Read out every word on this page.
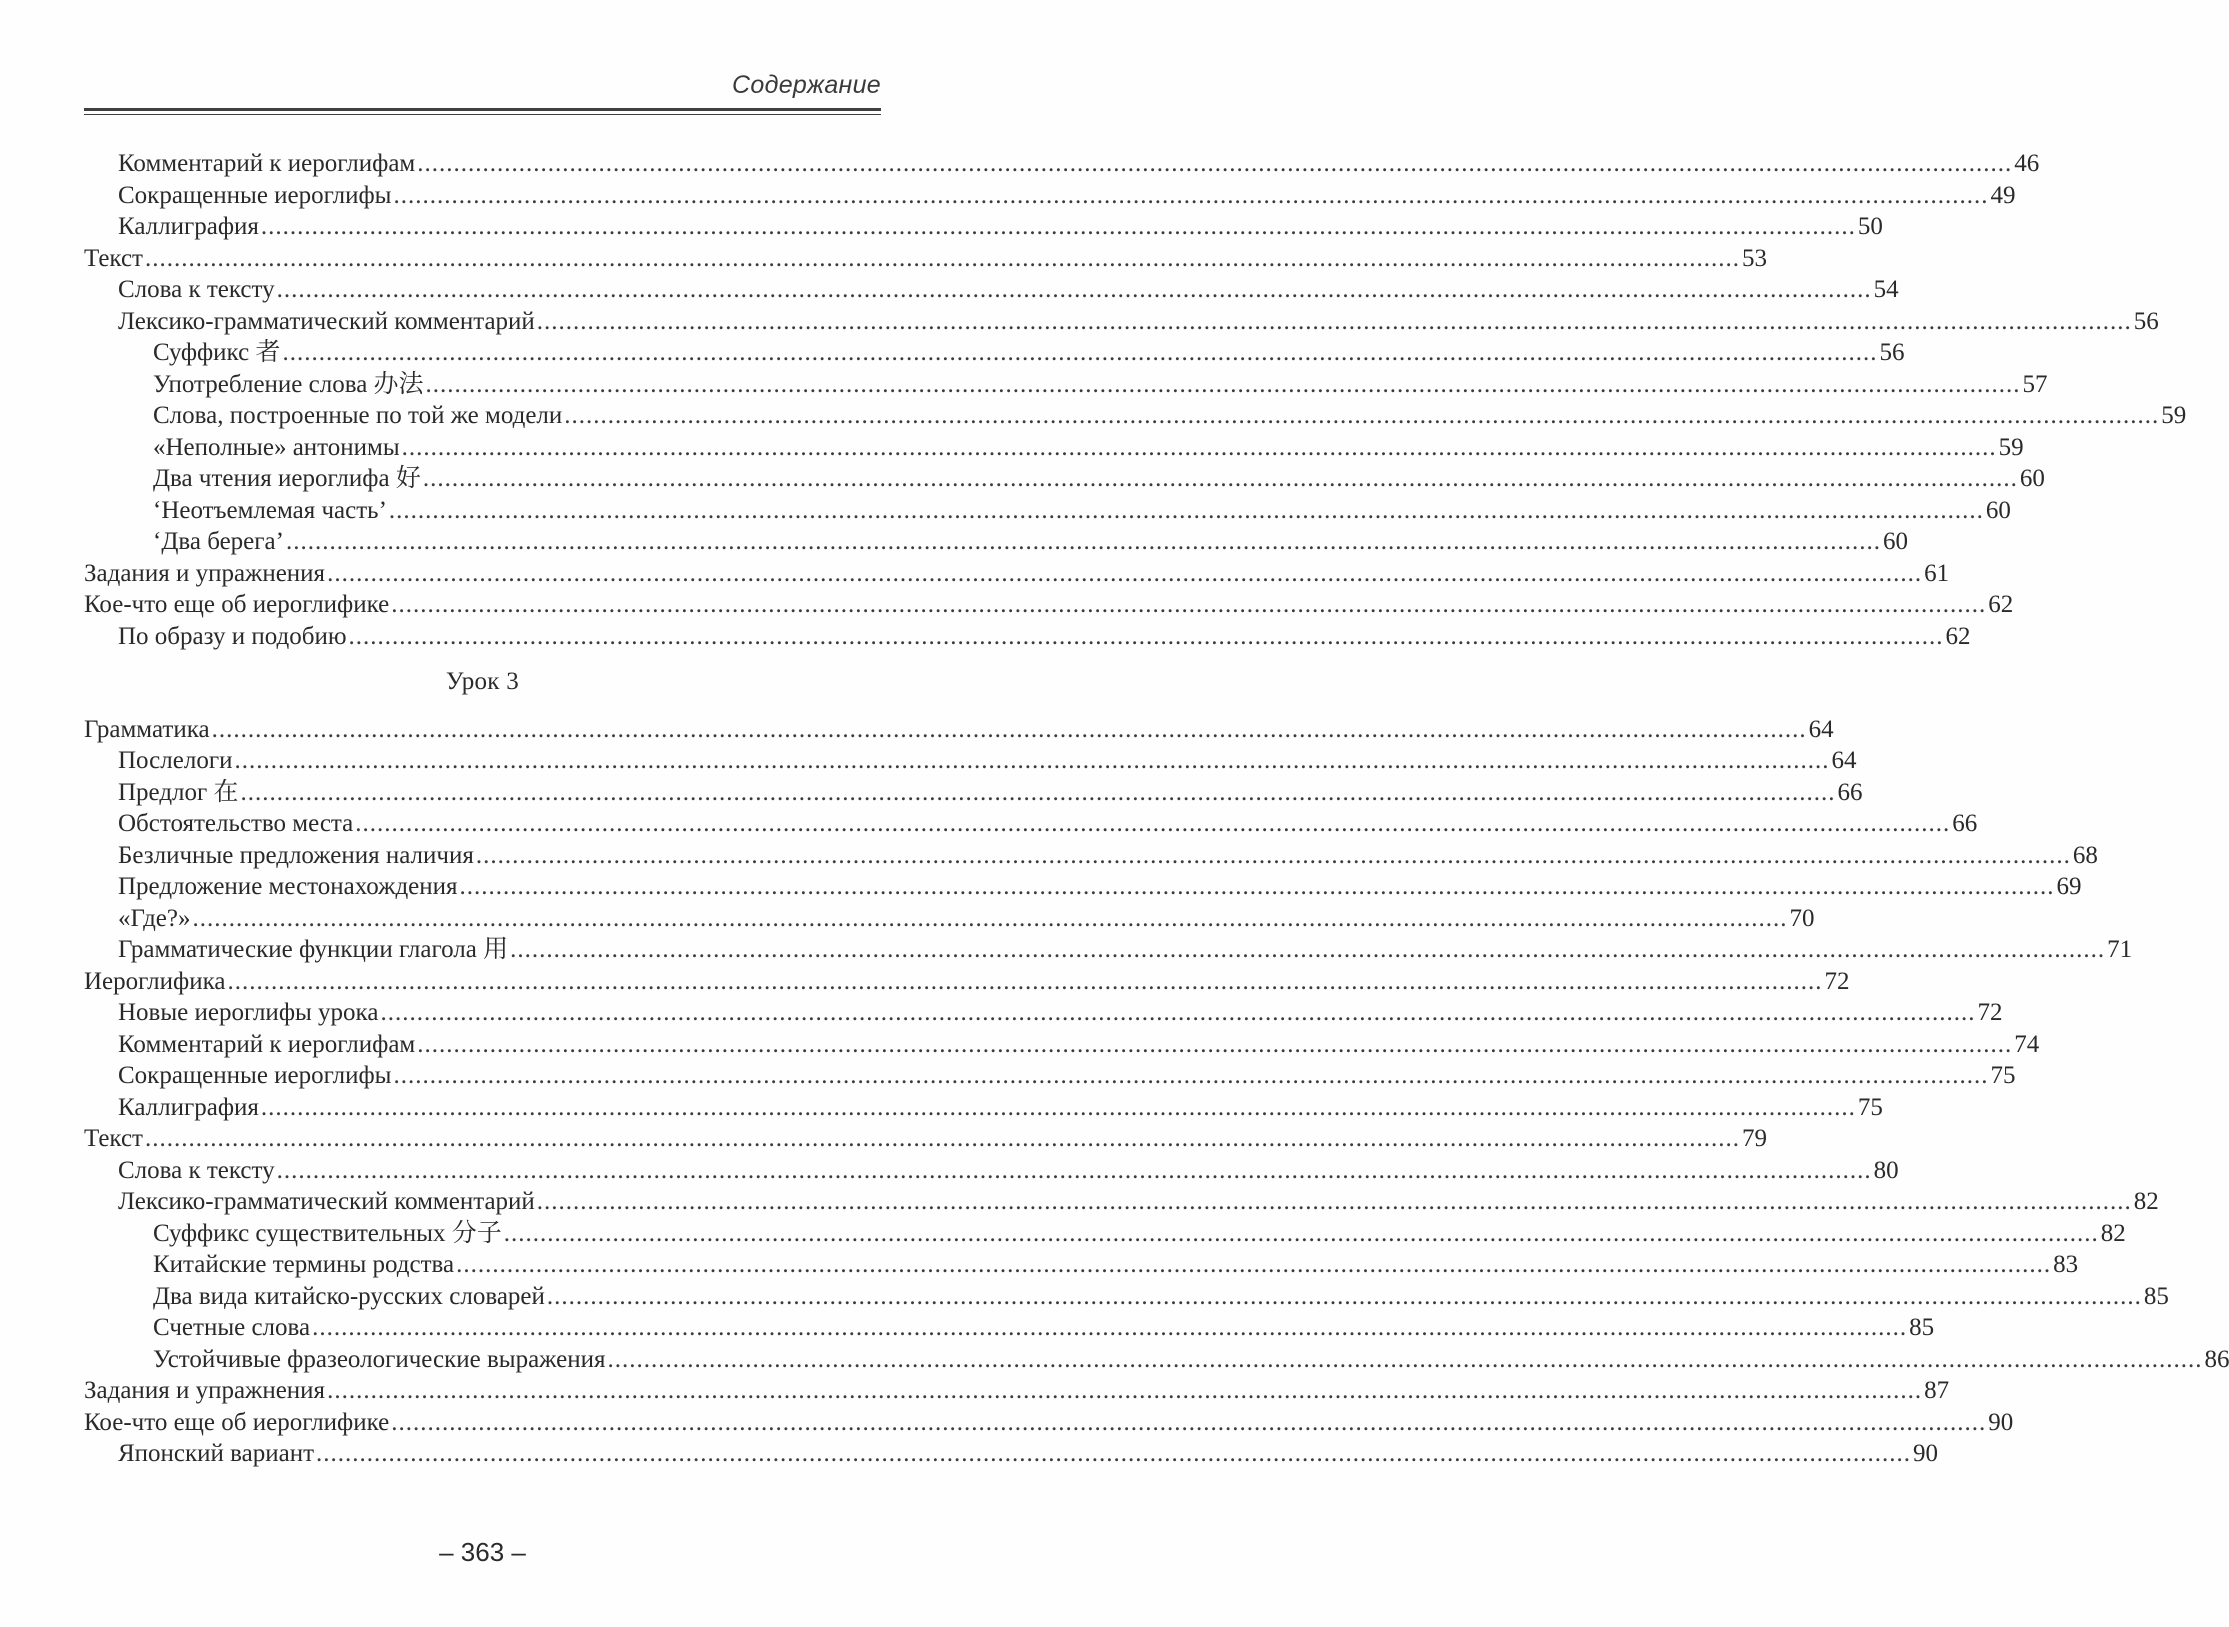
Содержание
Комментарий к иероглифам ............................................................................................................................................................................................................................ 46
Сокращенные иероглифы ............................................................................................................................................................................................................................ 49
Каллиграфия ............................................................................................................................................................................................................................ 50
Текст ............................................................................................................................................................................................................................ 53
Слова к тексту ............................................................................................................................................................................................................................ 54
Лексико-грамматический комментарий ............................................................................................................................................................................................................................ 56
Суффикс 者 ............................................................................................................................................................................................................................ 56
Употребление слова 办法 ............................................................................................................................................................................................................................ 57
Слова, построенные по той же модели ............................................................................................................................................................................................................................ 59
«Неполные» антонимы ............................................................................................................................................................................................................................ 59
Два чтения иероглифа 好 ............................................................................................................................................................................................................................ 60
‘Неотъемлемая часть’ ............................................................................................................................................................................................................................ 60
‘Два берега’ ............................................................................................................................................................................................................................ 60
Задания и упражнения ............................................................................................................................................................................................................................ 61
Кое-что еще об иероглифике ............................................................................................................................................................................................................................ 62
По образу и подобию ............................................................................................................................................................................................................................ 62
Урок 3
Грамматика ............................................................................................................................................................................................................................ 64
Послелоги ............................................................................................................................................................................................................................ 64
Предлог 在 ............................................................................................................................................................................................................................ 66
Обстоятельство места ............................................................................................................................................................................................................................ 66
Безличные предложения наличия ............................................................................................................................................................................................................................ 68
Предложение местонахождения ............................................................................................................................................................................................................................ 69
«Где?» ............................................................................................................................................................................................................................ 70
Грамматические функции глагола 用 ............................................................................................................................................................................................................................ 71
Иероглифика ............................................................................................................................................................................................................................ 72
Новые иероглифы урока ............................................................................................................................................................................................................................ 72
Комментарий к иероглифам ............................................................................................................................................................................................................................ 74
Сокращенные иероглифы ............................................................................................................................................................................................................................ 75
Каллиграфия ............................................................................................................................................................................................................................ 75
Текст ............................................................................................................................................................................................................................ 79
Слова к тексту ............................................................................................................................................................................................................................ 80
Лексико-грамматический комментарий ............................................................................................................................................................................................................................ 82
Суффикс существительных 分子 ............................................................................................................................................................................................................................ 82
Китайские термины родства ............................................................................................................................................................................................................................ 83
Два вида китайско-русских словарей ............................................................................................................................................................................................................................ 85
Счетные слова ............................................................................................................................................................................................................................ 85
Устойчивые фразеологические выражения ............................................................................................................................................................................................................................ 86
Задания и упражнения ............................................................................................................................................................................................................................ 87
Кое-что еще об иероглифике ............................................................................................................................................................................................................................ 90
Японский вариант ............................................................................................................................................................................................................................ 90
– 363 –
